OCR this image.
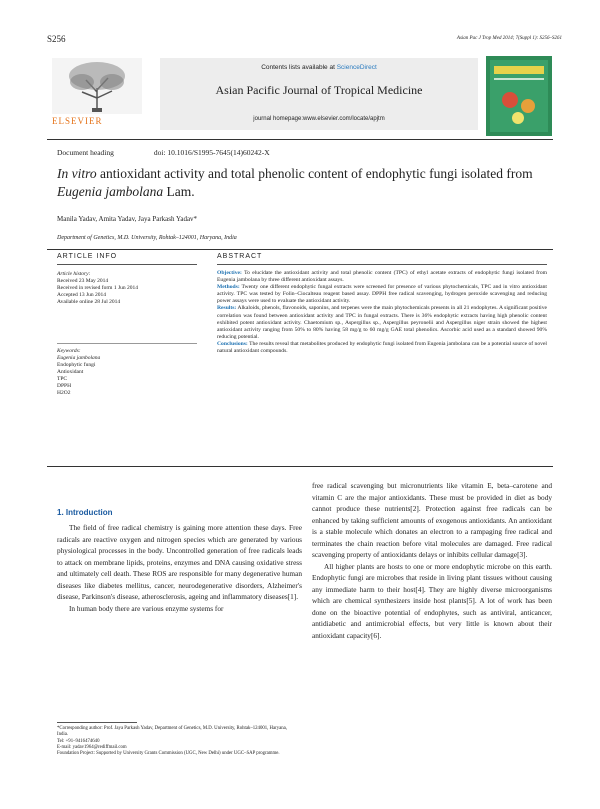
S256	Asian Pac J Trop Med 2014; 7(Suppl 1): S256–S261
ELSEVIER
Contents lists available at ScienceDirect
Asian Pacific Journal of Tropical Medicine
journal homepage:www.elsevier.com/locate/apjtm
Document heading	doi: 10.1016/S1995-7645(14)60242-X
In vitro antioxidant activity and total phenolic content of endophytic fungi isolated from Eugenia jambolana Lam.
Manila Yadav, Amita Yadav, Jaya Parkash Yadav*
Department of Genetics, M.D. University, Rohtak–124001, Haryana, India
ARTICLE INFO	ABSTRACT
Article history:
Received 23 May 2014
Received in revised form 1 Jun 2014
Accepted 13 Jun 2014
Available online 28 Jul 2014
Keywords:
Eugenia jambolana
Endophytic fungi
Antioxidant
TPC
DPPH
H2O2
Objective: To elucidate the antioxidant activity and total phenolic content (TPC) of ethyl acetate extracts of endophytic fungi isolated from Eugenia jambolana by three different antioxidant assays.
Methods: Twenty one different endophytic fungal extracts were screened for presence of various phytochemicals, TPC and in vitro antioxidant activity. TPC was tested by Folin–Ciocalteau reagent based assay. DPPH free radical scavenging, hydrogen peroxide scavenging and reducing power assays were used to evaluate the antioxidant activity.
Results: Alkaloids, phenols, flavonoids, saponins, and terpenes were the main phytochemicals presents in all 21 endophytes. A significant positive correlation was found between antioxidant activity and TPC in fungal extracts. There is 36% endophytic extracts having high phenolic content exhibited potent antioxidant activity. Chaetomium sp., Aspergillus sp., Aspergillus peyronelii and Aspergillus niger strain showed the highest antioxidant activity ranging from 50% to 80% having 58 mg/g to 60 mg/g GAE total phenolics. Ascorbic acid used as a standard showed 90% reducing potential.
Conclusions: The results reveal that metabolites produced by endophytic fungi isolated from Eugenia jambolana can be a potential source of novel natural antioxidant compounds.
1. Introduction

The field of free radical chemistry is gaining more attention these days. Free radicals are reactive oxygen and nitrogen species which are generated by various physiological processes in the body. Uncontrolled generation of free radicals leads to attack on membrane lipids, proteins, enzymes and DNA causing oxidative stress and ultimately cell death. These ROS are responsible for many degenerative human diseases like diabetes mellitus, cancer, neurodegenerative disorders, Alzheimer's disease, Parkinson's disease, atherosclerosis, ageing and inflammatory diseases[1].

In human body there are various enzyme systems for

free radical scavenging but micronutrients like vitamin E, beta–carotene and vitamin C are the major antioxidants. These must be provided in diet as body cannot produce these nutrients[2]. Protection against free radicals can be enhanced by taking sufficient amounts of exogenous antioxidants. An antioxidant is a stable molecule which donates an electron to a rampaging free radical and terminates the chain reaction before vital molecules are damaged. Free radical scavenging property of antioxidants delays or inhibits cellular damage[3].

All higher plants are hosts to one or more endophytic microbe on this earth. Endophytic fungi are microbes that reside in living plant tissues without causing any immediate harm to their host[4]. They are highly diverse microorganisms which are chemical synthesizers inside host plants[5]. A lot of work has been done on the bioactive potential of endophytes, such as antiviral, anticancer, antidiabetic and antimicrobial effects, but very little is known about their antioxidant capacity[6].

*Corresponding author: Prof. Jaya Parkash Yadav, Department of Genetics, M.D. University, Rohtak–124001, Haryana, India.
Tel: +91–9416474640
E-mail: yadav1964@rediffmail.com
Foundation Project: Supported by University Grants Commission (UGC, New Delhi) under UGC–SAP programme.
